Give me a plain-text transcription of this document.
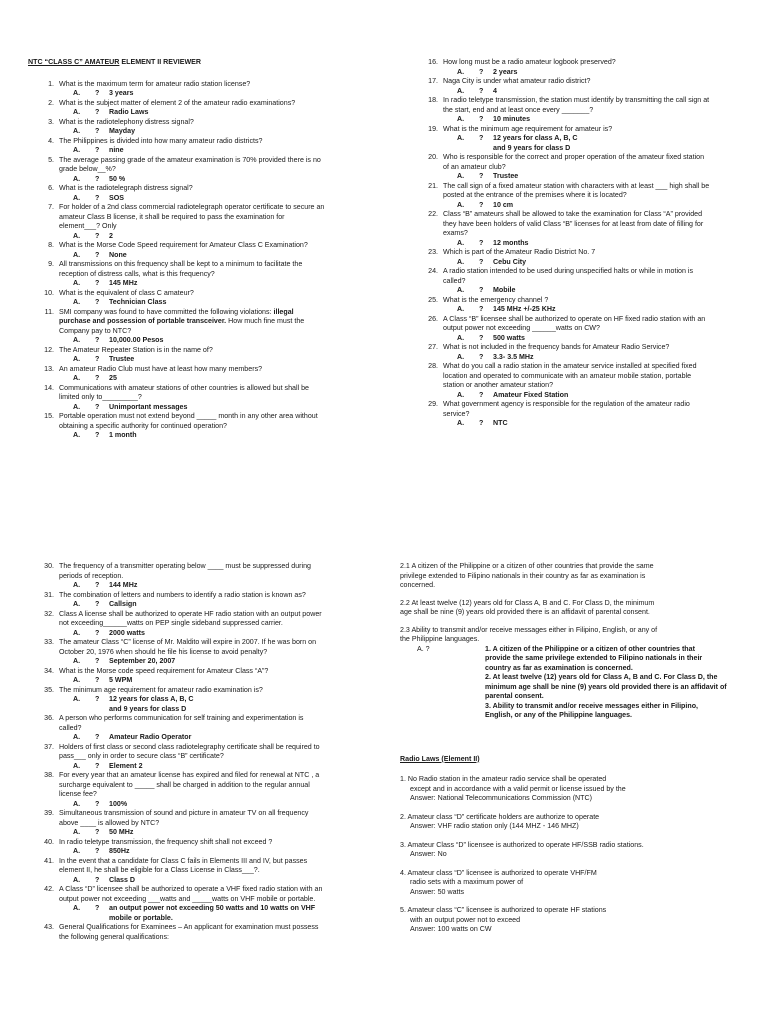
NTC “CLASS C” AMATEUR ELEMENT II REVIEWER
1. What is the maximum term for amateur radio station license?
A. ? 3 years
2. What is the subject matter of element 2 of the amateur radio examinations?
A. ? Radio Laws
3. What is the radiotelephony distress signal?
A. ? Mayday
4. The Philippines is divided into how many amateur radio districts?
A. ? nine
5. The average passing grade of the amateur examination is 70% provided there is no
grade below__%?
A. ? 50 %
6. What is the radiotelegraph distress signal?
A. ? SOS
7. For holder of a 2nd class commercial radiotelegraph operator certificate to secure an
amateur Class B license, it shall be required to pass the examination for
element___? Only
A. ? 2
8. What is the Morse Code Speed requirement for Amateur Class C Examination?
A. ? None
9. All transmissions on this frequency shall be kept to a minimum to facilitate the
reception of distress calls, what is this frequency?
A. ? 145 MHz
10. What is the equivalent of class C amateur?
A. ? Technician Class
11. SMI company was found to have committed the following violations: illegal
purchase and possession of portable transceiver. How much fine must the
Company pay to NTC?
A. ? 10,000.00 Pesos
12. The Amateur Repeater Station is in the name of?
A. ? Trustee
13. An amateur Radio Club must have at least how many members?
A. ? 25
14. Communications with amateur stations of other countries is allowed but shall be
limited only to_________?
A. ? Unimportant messages
15. Portable operation must not extend beyond _____ month in any other area without
obtaining a specific authority for continued operation?
A. ? 1 month
16. How long must be a radio amateur logbook preserved?
A. ? 2 years
17. Naga City is under what amateur radio district?
A. ? 4
18. In radio teletype transmission, the station must identify by transmitting the call sign at
the start, end and at least once every _______?
A. ? 10 minutes
19. What is the minimum age requirement for amateur is?
A. ? 12 years for class A, B, C
and 9 years for class D
20. Who is responsible for the correct and proper operation of the amateur fixed station
of an amateur club?
A. ? Trustee
21. The call sign of a fixed amateur station with characters with at least ___ high shall be
posted at the entrance of the premises where it is located?
A. ? 10 cm
22. Class “B” amateurs shall be allowed to take the examination for Class “A” provided
they have been holders of valid Class “B” licenses for at least from date of filling for
exams?
A. ? 12 months
23. Which is part of the Amateur Radio District No. 7
A. ? Cebu City
24. A radio station intended to be used during unspecified halts or while in motion is
called?
A. ? Mobile
25. What is the emergency channel ?
A. ? 145 MHz +/-25 KHz
26. A Class “B” licensee shall be authorized to operate on HF fixed radio station with an
output power not exceeding ______watts on CW?
A. ? 500 watts
27. What is not included in the frequency bands for Amateur Radio Service?
A. ? 3.3- 3.5 MHz
28. What do you call a radio station in the amateur service installed at specified fixed
location and operated to communicate with an amateur mobile station, portable
station or another amateur station?
A. ? Amateur Fixed Station
29. What government agency is responsible for the regulation of the amateur radio
service?
A. ? NTC
30. The frequency of a transmitter operating below ____ must be suppressed during
periods of reception.
A. ? 144 MHz
31. The combination of letters and numbers to identify a radio station is known as?
A. ? Callsign
32. Class A license shall be authorized to operate HF radio station with an output power
not exceeding______watts on PEP single sideband suppressed carrier.
A. ? 2000 watts
33. The amateur Class “C” license of Mr. Maldito will expire in 2007. If he was born on
October 20, 1976 when should he file his license to avoid penalty?
A. ? September 20, 2007
34. What is the Morse code speed requirement for Amateur Class “A”?
A. ? 5 WPM
35. The minimum age requirement for amateur radio examination is?
A. ? 12 years for class A, B, C
and 9 years for class D
36. A person who performs communication for self training and experimentation is
called?
A. ? Amateur Radio Operator
37. Holders of first class or second class radiotelegraphy certificate shall be required to
pass___ only in order to secure class “B” certificate?
A. ? Element 2
38. For every year that an amateur license has expired and filed for renewal at NTC , a
surcharge equivalent to _____ shall be charged in addition to the regular annual
license fee?
A. ? 100%
39. Simultaneous transmission of sound and picture in amateur TV on all frequency
above ____ is allowed by NTC?
A. ? 50 MHz
40. In radio teletype transmission, the frequency shift shall not exceed ?
A. ? 850Hz
41. In the event that a candidate for Class C fails in Elements III and IV, but passes
element II, he shall be eligible for a Class License in Class___?.
A. ? Class D
42. A Class “D” licensee shall be authorized to operate a VHF fixed radio station with an
output power not exceeding ___watts and _____watts on VHF mobile or portable.
A. ? an output power not exceeding 50 watts and 10 watts on VHF
mobile or portable.
43. General Qualifications for Examinees – An applicant for examination must possess
the following general qualifications:
2.1 A citizen of the Philippine or a citizen of other countries that provide the same
privilege extended to Filipino nationals in their country as far as examination is
concerned.
2.2 At least twelve (12) years old for Class A, B and C. For Class D, the minimum
age shall be nine (9) years old provided there is an affidavit of parental consent.
2.3 Ability to transmit and/or receive messages either in Filipino, English, or any of
the Philippine languages.
A. ?	1. A citizen of the Philippine or a citizen of other countries that
provide the same privilege extended to Filipino nationals in their
country as far as examination is concerned.
2. At least twelve (12) years old for Class A, B and C. For Class D, the
minimum age shall be nine (9) years old provided there is an affidavit of
parental consent.
3. Ability to transmit and/or receive messages either in Filipino,
English, or any of the Philippine languages.
Radio Laws (Element II)
1. No Radio station in the amateur radio service shall be operated
except and in accordance with a valid permit or license issued by the
Answer: National Telecommunications Commission (NTC)
2. Amateur class “D” certificate holders are authorize to operate
Answer: VHF radio station only (144 MHZ - 146 MHZ)
3. Amateur Class “D” licensee is authorized to operate HF/SSB radio stations.
Answer: No
4. Amateur class “D” licensee is authorized to operate VHF/FM
radio sets with a maximum power of
Answer: 50 watts
5. Amateur class “C” licensee is authorized to operate HF stations
with an output power not to exceed
Answer: 100 watts on CW
